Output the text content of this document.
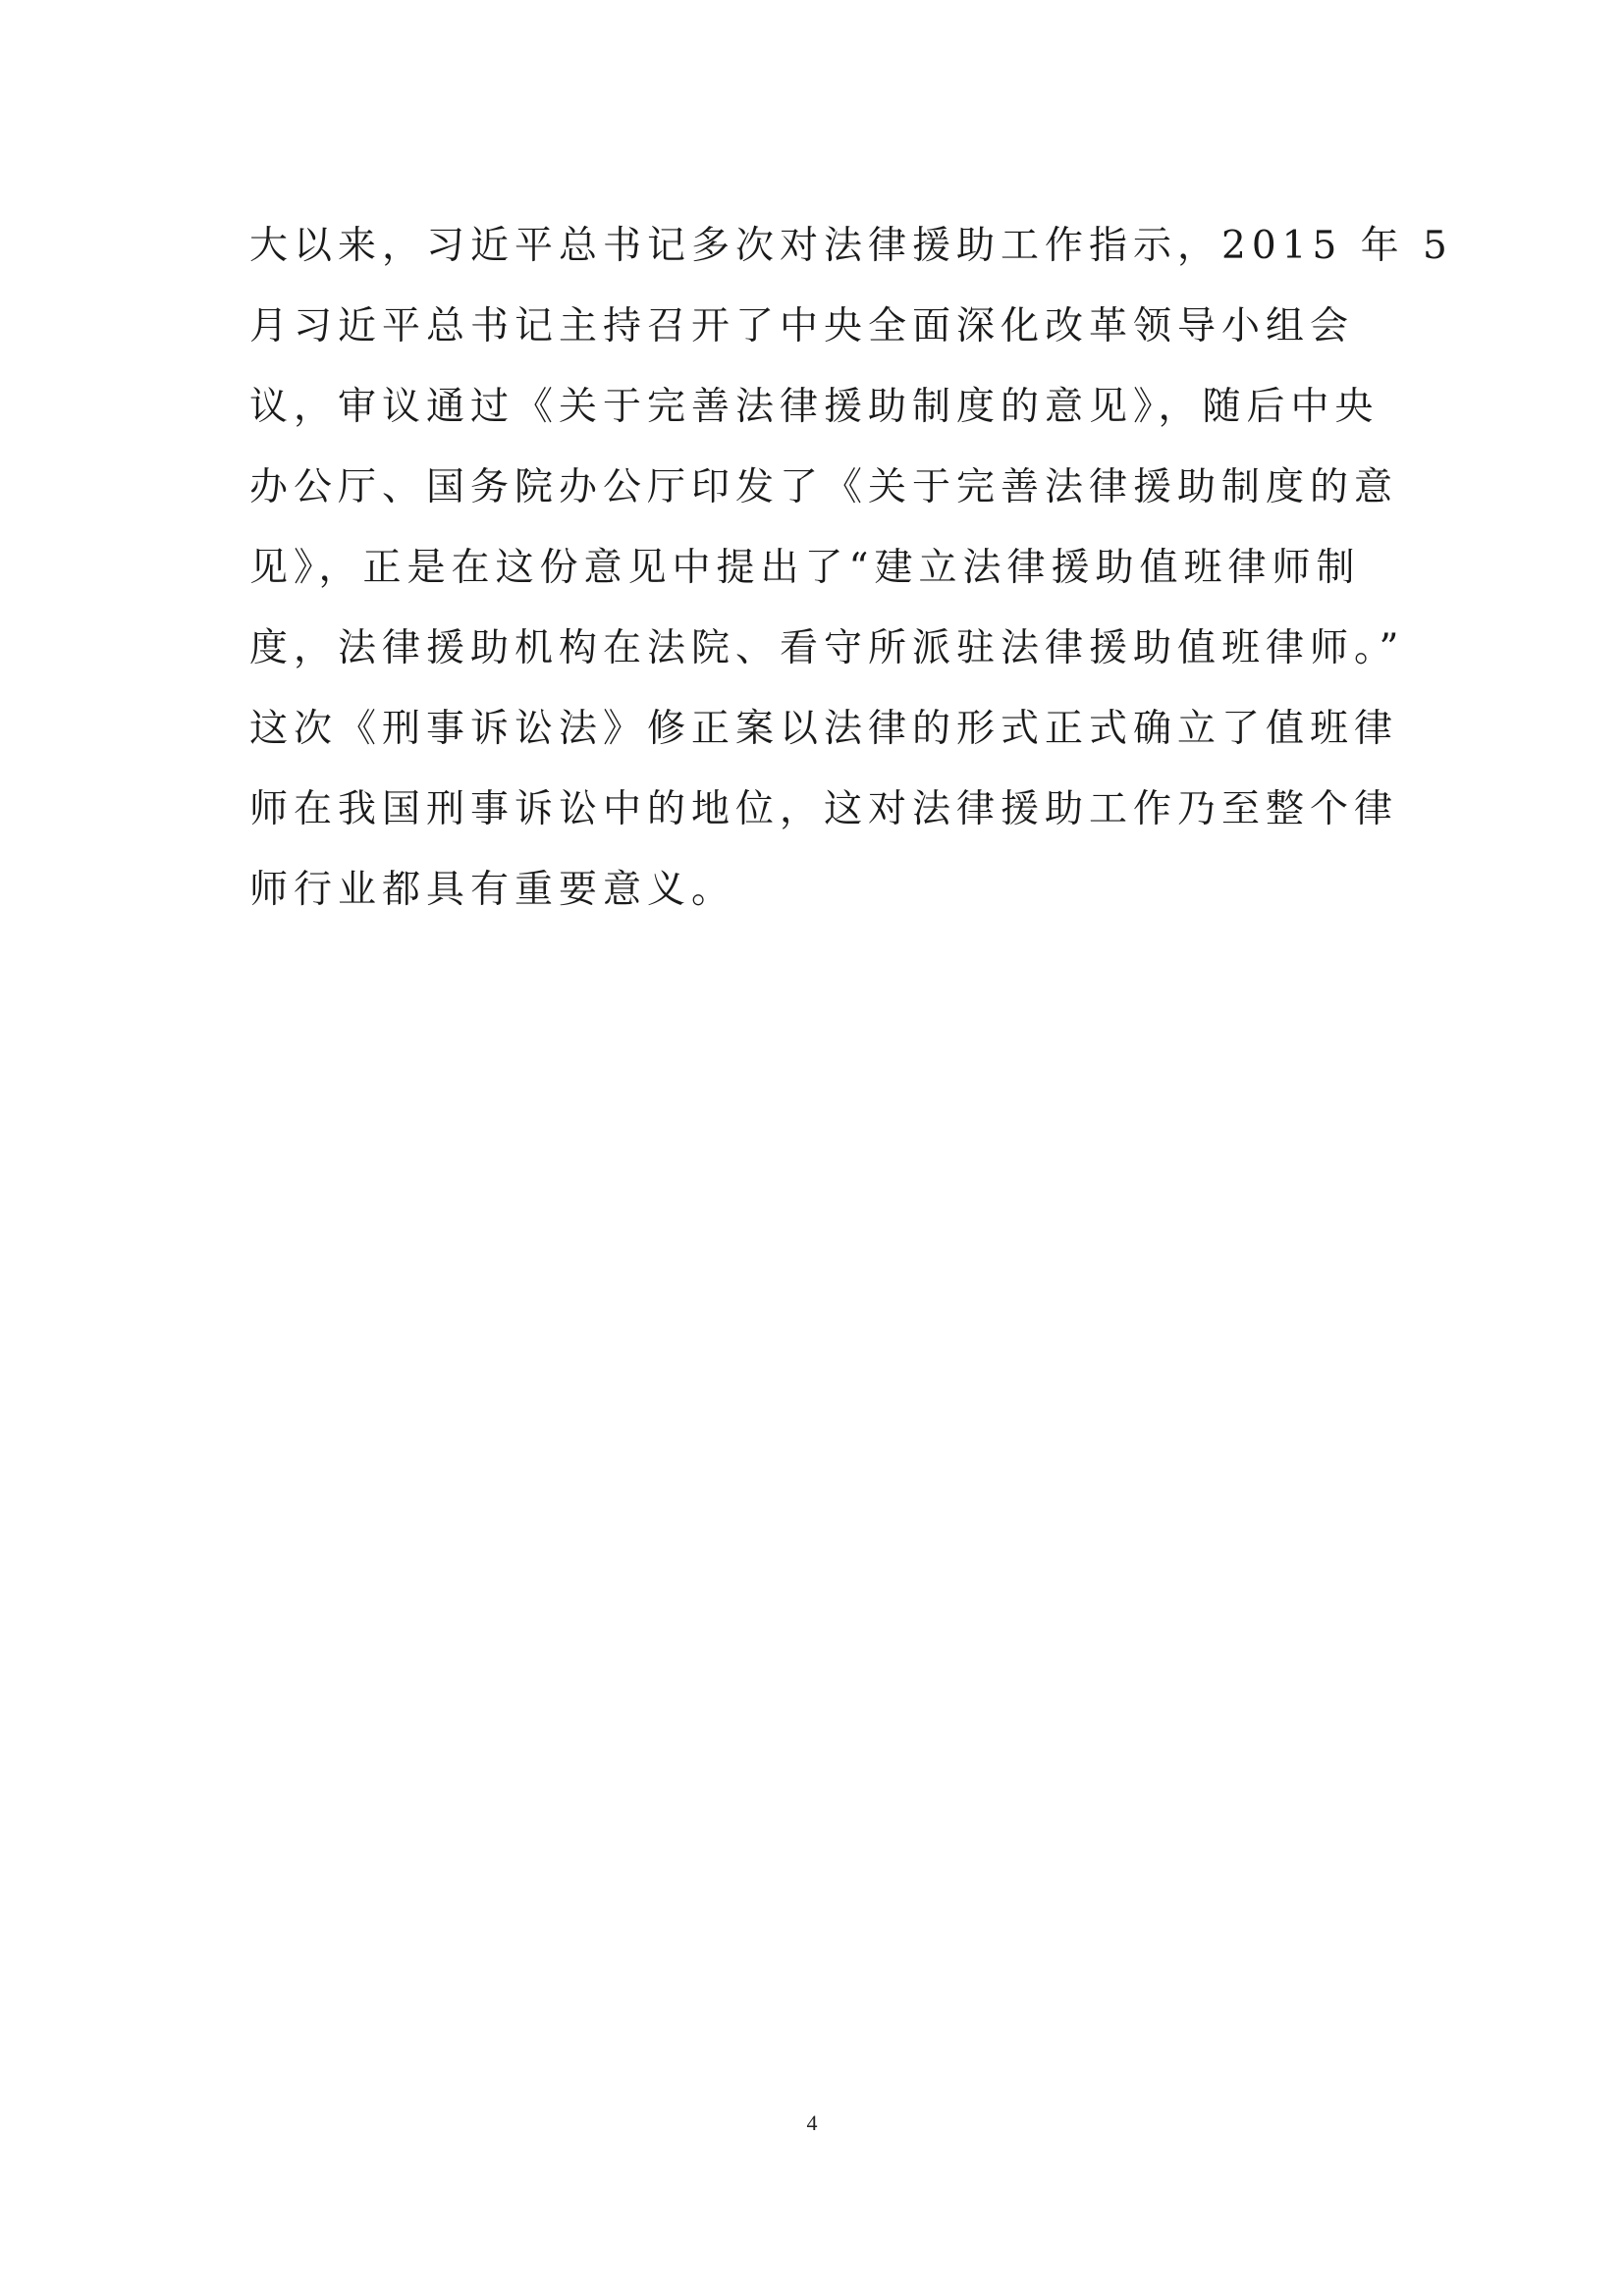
大以来，习近平总书记多次对法律援助工作指示，2015 年 5
月习近平总书记主持召开了中央全面深化改革领导小组会
议，审议通过《关于完善法律援助制度的意见》，随后中央
办公厅、国务院办公厅印发了《关于完善法律援助制度的意
见》，正是在这份意见中提出了“建立法律援助值班律师制
度，法律援助机构在法院、看守所派驻法律援助值班律师。”
这次《刑事诉讼法》修正案以法律的形式正式确立了值班律
师在我国刑事诉讼中的地位，这对法律援助工作乃至整个律
师行业都具有重要意义。
4
